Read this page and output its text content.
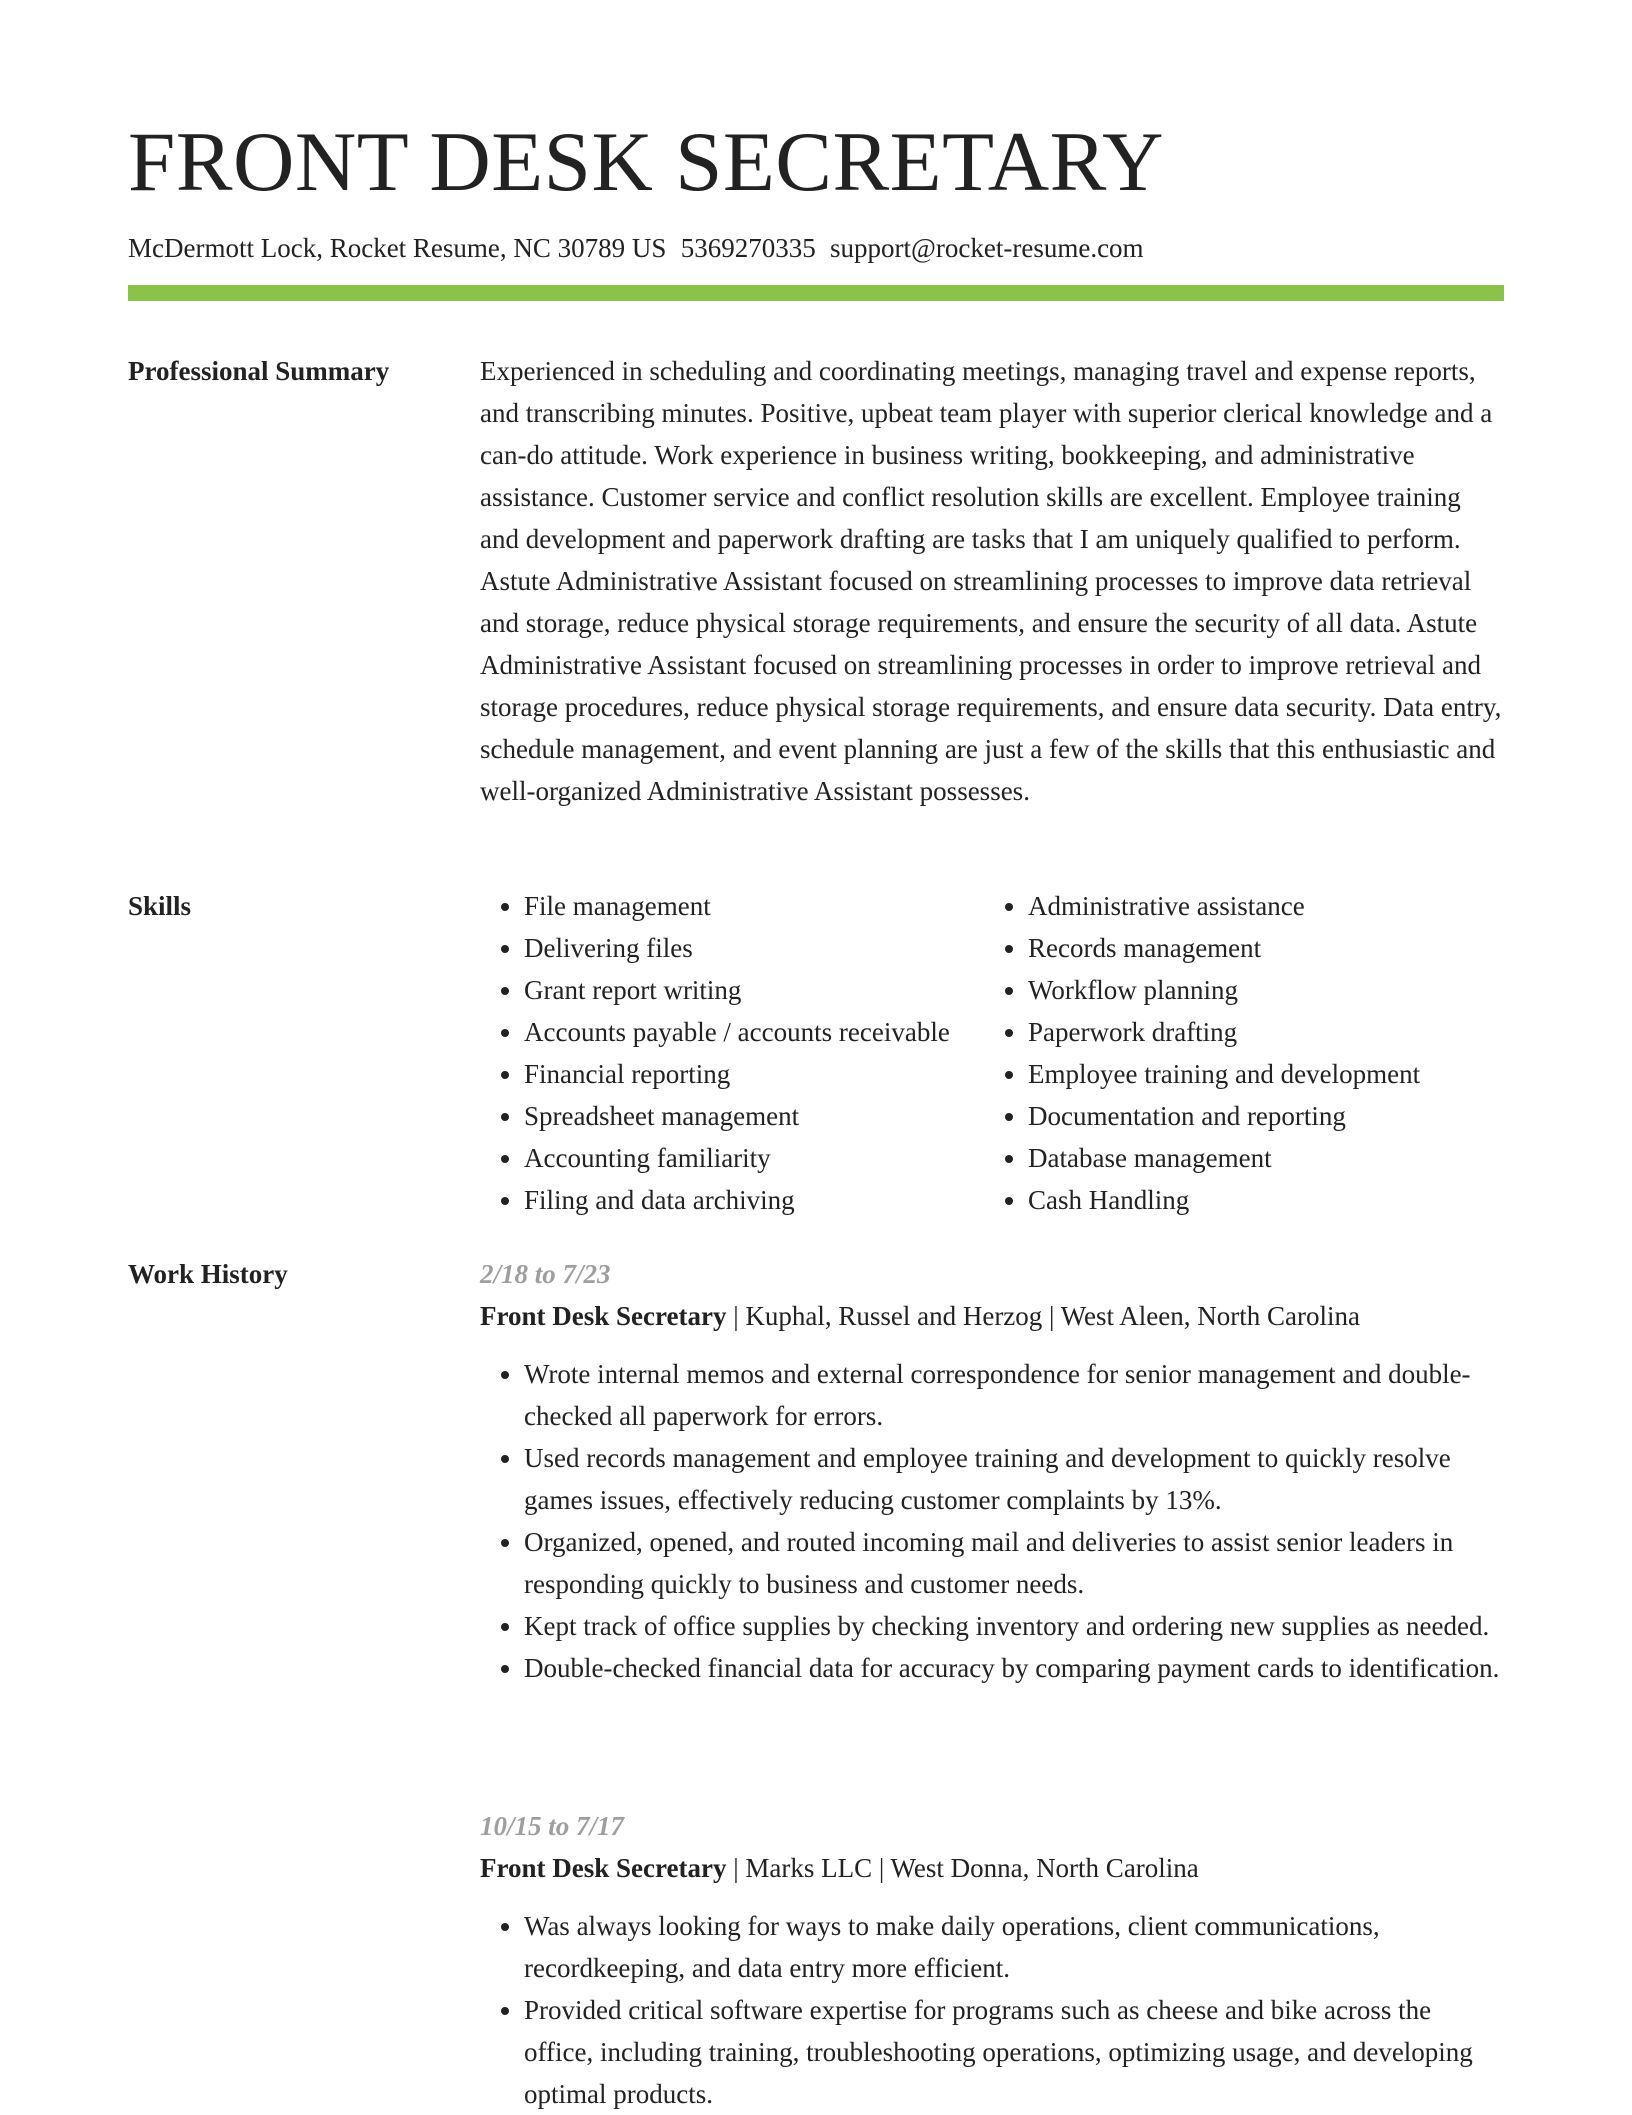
FRONT DESK SECRETARY
McDermott Lock, Rocket Resume, NC 30789 US 5369270335 support@rocket-resume.com
Professional Summary	Experienced in scheduling and coordinating meetings, managing travel and expense reports, and transcribing minutes. Positive, upbeat team player with superior clerical knowledge and a can-do attitude. Work experience in business writing, bookkeeping, and administrative assistance. Customer service and conflict resolution skills are excellent. Employee training and development and paperwork drafting are tasks that I am uniquely qualified to perform. Astute Administrative Assistant focused on streamlining processes to improve data retrieval and storage, reduce physical storage requirements, and ensure the security of all data. Astute Administrative Assistant focused on streamlining processes in order to improve retrieval and storage procedures, reduce physical storage requirements, and ensure data security. Data entry, schedule management, and event planning are just a few of the skills that this enthusiastic and well-organized Administrative Assistant possesses.

Skills
•	File management
• Delivering files
• Grant report writing
• Accounts payable / accounts receivable
• Financial reporting
• Spreadsheet management
• Accounting familiarity
• Filing and data archiving
• Administrative assistance
• Records management
• Workflow planning
• Paperwork drafting
• Employee training and development
• Documentation and reporting
• Database management
• Cash Handling
Work History	2/18 to 7/23
Front Desk Secretary | Kuphal, Russel and Herzog | West Aleen, North Carolina
• Wrote internal memos and external correspondence for senior management and double-checked all paperwork for errors.
• Used records management and employee training and development to quickly resolve games issues, effectively reducing customer complaints by 13%.
• Organized, opened, and routed incoming mail and deliveries to assist senior leaders in responding quickly to business and customer needs.
• Kept track of office supplies by checking inventory and ordering new supplies as needed.
• Double-checked financial data for accuracy by comparing payment cards to identification.
10/15 to 7/17
Front Desk Secretary | Marks LLC | West Donna, North Carolina
• Was always looking for ways to make daily operations, client communications, recordkeeping, and data entry more efficient.
• Provided critical software expertise for programs such as cheese and bike across the office, including training, troubleshooting operations, optimizing usage, and developing optimal products.
